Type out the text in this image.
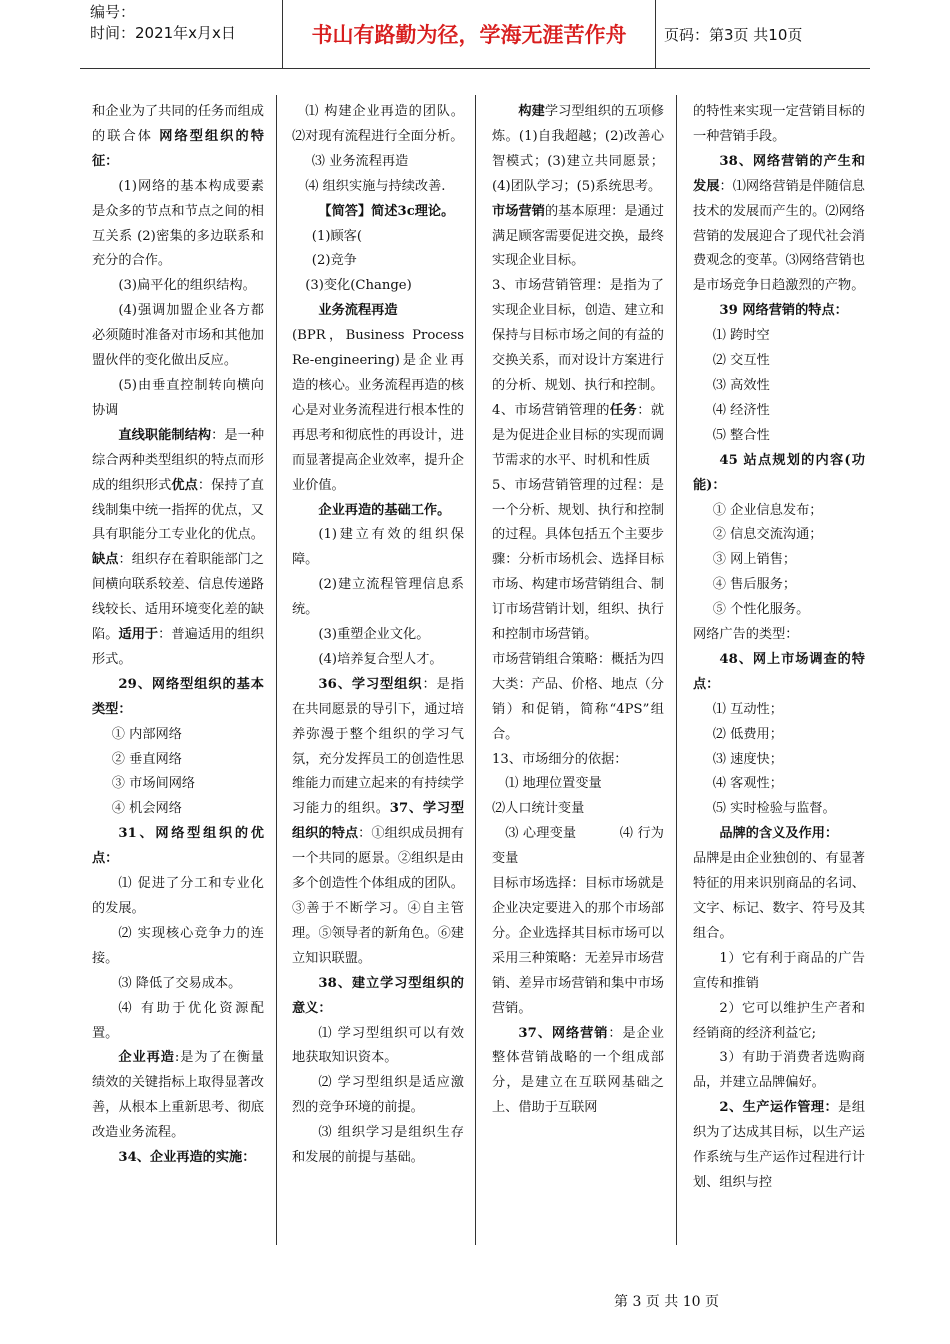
编号：
时间：2021年x月x日	书山有路勤为径，学海无涯苦作舟	页码：第3页 共10页

和企业为了共同的任务而组成的联合体 网络型组织的特征：

(1)网络的基本构成要素是众多的节点和节点之间的相互关系 (2)密集的多边联系和充分的合作。

(3)扁平化的组织结构。

(4)强调加盟企业各方都必须随时准备对市场和其他加盟伙伴的变化做出反应。

(5)由垂直控制转向横向协调

直线职能制结构：是一种综合两种类型组织的特点而形成的组织形式优点：保持了直线制集中统一指挥的优点，又具有职能分工专业化的优点。缺点：组织存在着职能部门之间横向联系较差、信息传递路线较长、适用环境变化差的缺陷。适用于：普遍适用的组织形式。

29、网络型组织的基本类型：

① 内部网络

② 垂直网络

③ 市场间网络

④ 机会网络

31、网络型组织的优点：

⑴ 促进了分工和专业化的发展。

⑵ 实现核心竞争力的连接。

⑶ 降低了交易成本。

⑷ 有助于优化资源配置。

企业再造:是为了在衡量绩效的关键指标上取得显著改善，从根本上重新思考、彻底改造业务流程。

34、企业再造的实施：

⑴ 构建企业再造的团队。 ⑵对现有流程进行全面分析。

⑶ 业务流程再造

⑷ 组织实施与持续改善.

【简答】简述3c理论。

(1)顾客(

(2)竞争

(3)变化(Change)

业务流程再造

(BPR，Business Process Re-engineering)是企业再造的核心。业务流程再造的核心是对业务流程进行根本性的再思考和彻底性的再设计，进而显著提高企业效率，提升企业价值。

企业再造的基础工作。

(1)建立有效的组织保障。

(2)建立流程管理信息系统。

(3)重塑企业文化。

(4)培养复合型人才。

36、学习型组织：是指在共同愿景的导引下，通过培养弥漫于整个组织的学习气氛，充分发挥员工的创造性思维能力而建立起来的有持续学习能力的组织。37、学习型组织的特点：①组织成员拥有一个共同的愿景。②组织是由多个创造性个体组成的团队。③善于不断学习。④自主管理。⑤领导者的新角色。⑥建立知识联盟。

38、建立学习型组织的意义：

⑴ 学习型组织可以有效地获取知识资本。

⑵ 学习型组织是适应激烈的竞争环境的前提。

⑶ 组织学习是组织生存和发展的前提与基础。

构建学习型组织的五项修炼。(1)自我超越；(2)改善心智模式；(3)建立共同愿景；(4)团队学习；(5)系统思考。

市场营销的基本原理：是通过满足顾客需要促进交换，最终实现企业目标。

3、市场营销管理：是指为了实现企业目标，创造、建立和保持与目标市场之间的有益的交换关系，而对设计方案进行的分析、规划、执行和控制。

4、市场营销管理的任务：就是为促进企业目标的实现而调节需求的水平、时机和性质

5、市场营销管理的过程：是一个分析、规划、执行和控制的过程。具体包括五个主要步骤：分析市场机会、选择目标市场、构建市场营销组合、制订市场营销计划，组织、执行和控制市场营销。

市场营销组合策略：概括为四大类：产品、价格、地点（分销）和促销，简称“4PS”组合。

13、市场细分的依据：

⑴ 地理位置变量

⑵人口统计变量

⑶ 心理变量          ⑷ 行为变量

目标市场选择：目标市场就是企业决定要进入的那个市场部分。企业选择其目标市场可以采用三种策略：无差异市场营销、差异市场营销和集中市场营销。

37、网络营销：是企业整体营销战略的一个组成部分，是建立在互联网基础之上、借助于互联网

的特性来实现一定营销目标的一种营销手段。

38、网络营销的产生和发展：⑴网络营销是伴随信息技术的发展而产生的。⑵网络营销的发展迎合了现代社会消费观念的变革。⑶网络营销也是市场竞争日趋激烈的产物。

39 网络营销的特点：

⑴ 跨时空

⑵ 交互性

⑶ 高效性

⑷ 经济性

⑸ 整合性

45 站点规划的内容(功能)：

① 企业信息发布；

② 信息交流沟通；

③ 网上销售；

④ 售后服务；

⑤ 个性化服务。

网络广告的类型：

48、网上市场调查的特点：

⑴ 互动性；

⑵ 低费用；

⑶ 速度快；

⑷ 客观性；

⑸ 实时检验与监督。

品牌的含义及作用：

品牌是由企业独创的、有显著特征的用来识别商品的名词、文字、标记、数字、符号及其组合。

1）它有利于商品的广告宣传和推销

2）它可以维护生产者和经销商的经济利益它;

3）有助于消费者选购商品，并建立品牌偏好。

2、生产运作管理：是组织为了达成其目标，以生产运作系统与生产运作过程进行计划、组织与控

第 3 页 共 10 页
